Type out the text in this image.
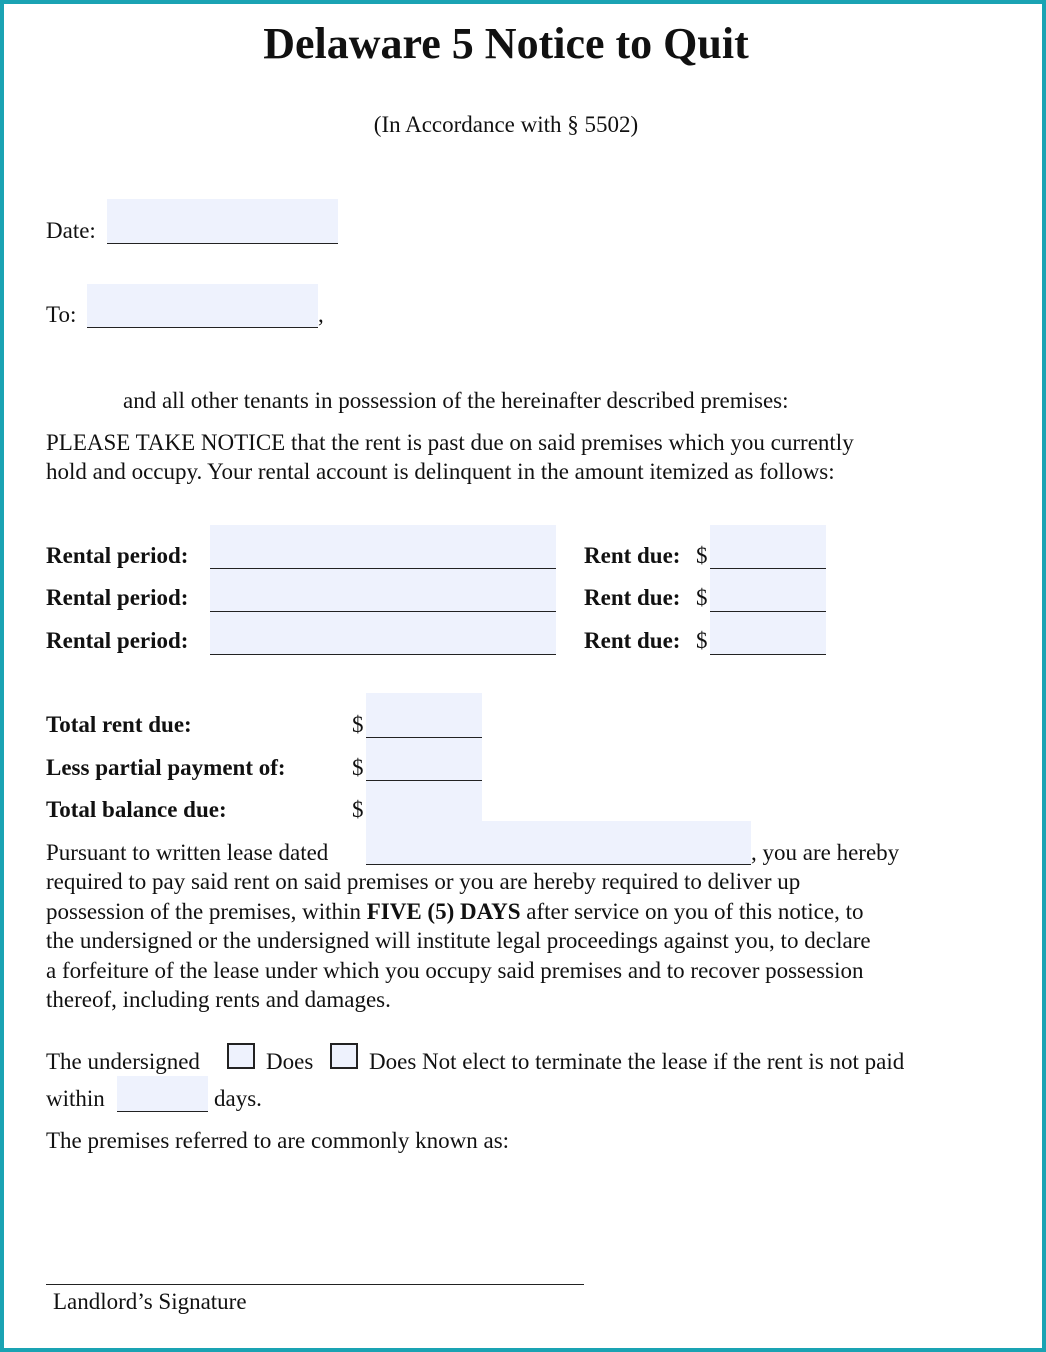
Delaware 5 Notice to Quit
(In Accordance with § 5502)
Date:
To:	,
and all other tenants in possession of the hereinafter described premises:
PLEASE TAKE NOTICE that the rent is past due on said premises which you currently
hold and occupy. Your rental account is delinquent in the amount itemized as follows:
Rental period:	Rent due: $
Rental period:	Rent due: $
Rental period:	Rent due: $
Total rent due:	$
Less partial payment of:	$
Total balance due:	$
Pursuant to written lease dated	, you are hereby
required to pay said rent on said premises or you are hereby required to deliver up
possession of the premises, within FIVE (5) DAYS after service on you of this notice, to
the undersigned or the undersigned will institute legal proceedings against you, to declare
a forfeiture of the lease under which you occupy said premises and to recover possession
thereof, including rents and damages.
The undersigned	Does Does Not elect to terminate the lease if the rent is not paid
within	days.
The premises referred to are commonly known as:
Landlord’s Signature
